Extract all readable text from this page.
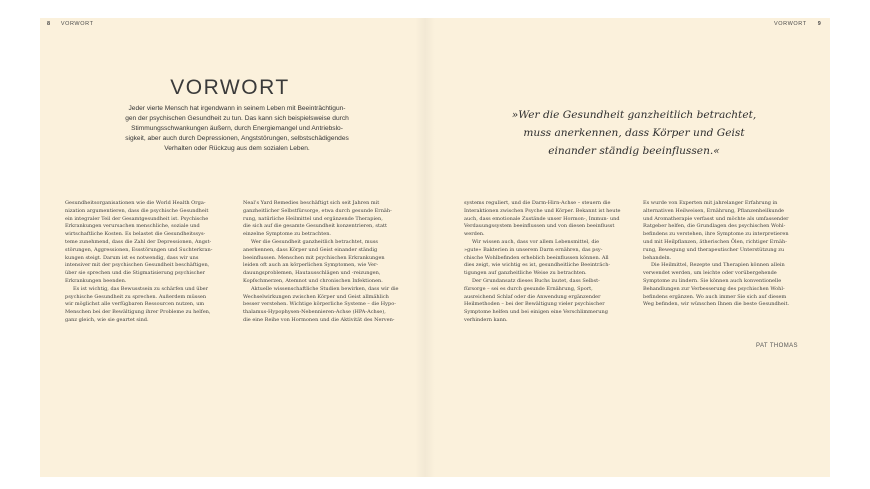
8 VORWORT	VORWORT 9
VORWORT
Jeder vierte Mensch hat irgendwann in seinem Leben mit Beeinträchtigun-
gen der psychischen Gesundheit zu tun. Das kann sich beispielsweise durch
Stimmungsschwankungen äußern, durch Energiemangel und Antriebslo-
sigkeit, aber auch durch Depressionen, Angststörungen, selbstschädigendes
Verhalten oder Rückzug aus dem sozialen Leben.
»Wer die Gesundheit ganzheitlich betrachtet,
muss anerkennen, dass Körper und Geist
einander ständig beeinflussen.«
Gesundheitsorganisationen wie die World Health Orga-
nization argumentieren, dass die psychische Gesundheit
ein integraler Teil der Gesamtgesundheit ist. Psychische
Erkrankungen verursachen menschliche, soziale und
wirtschaftliche Kosten. Es belastet die Gesundheitssys-
teme zunehmend, dass die Zahl der Depressionen, Angst-
störungen, Aggressionen, Essstörungen und Suchterkran-
kungen steigt. Darum ist es notwendig, dass wir uns
intensiver mit der psychischen Gesundheit beschäftigen,
über sie sprechen und die Stigmatisierung psychischer
Erkrankungen beenden.
Es ist wichtig, das Bewusstsein zu schärfen und über
psychische Gesundheit zu sprechen. Außerdem müssen
wir möglichst alle verfügbaren Ressourcen nutzen, um
Menschen bei der Bewältigung ihrer Probleme zu helfen,
ganz gleich, wie sie geartet sind.
Neal’s Yard Remedies beschäftigt sich seit Jahren mit
ganzheitlicher Selbstfürsorge, etwa durch gesunde Ernäh-
rung, natürliche Heilmittel und ergänzende Therapien,
die sich auf die gesamte Gesundheit konzentrieren, statt
einzelne Symptome zu betrachten.
Wer die Gesundheit ganzheitlich betrachtet, muss
anerkennen, dass Körper und Geist einander ständig
beeinflussen. Menschen mit psychischen Erkrankungen
leiden oft auch an körperlichen Symptomen, wie Ver-
dauungsproblemen, Hautausschlägen und -reizungen,
Kopfschmerzen, Atemnot und chronischen Infektionen.
Aktuelle wissenschaftliche Studien bewirken, dass wir die
Wechselwirkungen zwischen Körper und Geist allmählich
besser verstehen. Wichtige körperliche Systeme – die Hypo-
thalamus-Hypophysen-Nebennieren-Achse (HPA-Achse),
die eine Reihe von Hormonen und die Aktivität des Nerven-
systems reguliert, und die Darm-Hirn-Achse – steuern die
Interaktionen zwischen Psyche und Körper. Bekannt ist heute
auch, dass emotionale Zustände unser Hormon-, Immun- und
Verdauungssystem beeinflussen und von diesen beeinflusst
werden.
Wir wissen auch, dass vor allem Lebensmittel, die
»gute« Bakterien in unserem Darm ernähren, das psy-
chische Wohlbefinden erheblich beeinflussen können. All
dies zeigt, wie wichtig es ist, gesundheitliche Beeinträch-
tigungen auf ganzheitliche Weise zu betrachten.
Der Grundansatz dieses Buchs lautet, dass Selbst-
fürsorge – sei es durch gesunde Ernährung, Sport,
ausreichend Schlaf oder die Anwendung ergänzender
Heilmethoden – bei der Bewältigung vieler psychischer
Symptome helfen und bei einigen eine Verschlimmerung
verhindern kann.
Es wurde von Experten mit jahrelanger Erfahrung in
alternativen Heilweisen, Ernährung, Pflanzenheilkunde
und Aromatherapie verfasst und möchte als umfassender
Ratgeber helfen, die Grundlagen des psychischen Wohl-
befindens zu verstehen, ihre Symptome zu interpretieren
und mit Heilpflanzen, ätherischen Ölen, richtiger Ernäh-
rung, Bewegung und therapeutischer Unterstützung zu
behandeln.
Die Heilmittel, Rezepte und Therapien können allein
verwendet werden, um leichte oder vorübergehende
Symptome zu lindern. Sie können auch konventionelle
Behandlungen zur Verbesserung des psychischen Wohl-
befindens ergänzen. Wo auch immer Sie sich auf diesem
Weg befinden, wir wünschen Ihnen die beste Gesundheit.
PAT THOMAS
